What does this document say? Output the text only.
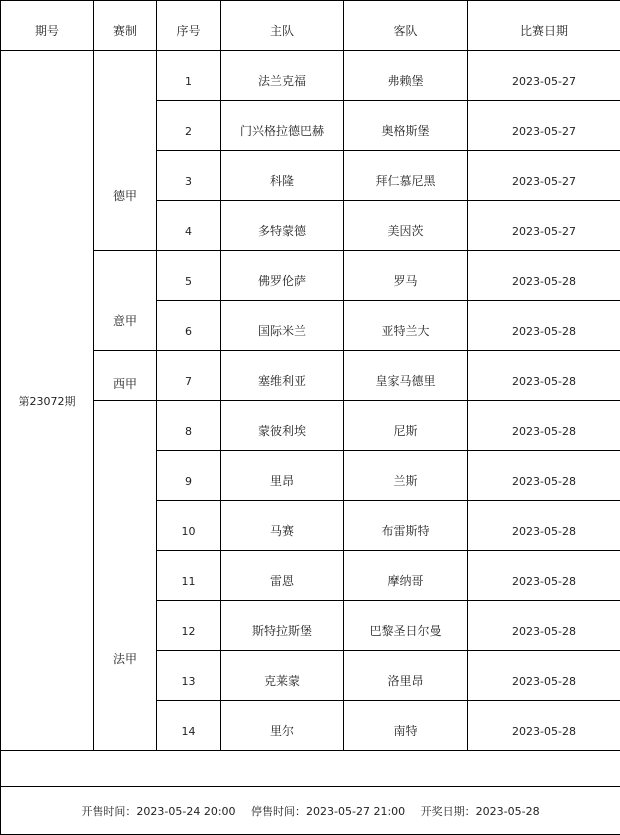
期号	赛制	序号	主队	客队	比赛日期
第23072期	德甲	1	法兰克福	弗赖堡	2023-05-27
		2	门兴格拉德巴赫	奥格斯堡	2023-05-27
		3	科隆	拜仁慕尼黑	2023-05-27
		4	多特蒙德	美因茨	2023-05-27
	意甲	5	佛罗伦萨	罗马	2023-05-28
		6	国际米兰	亚特兰大	2023-05-28
	西甲	7	塞维利亚	皇家马德里	2023-05-28
	法甲	8	蒙彼利埃	尼斯	2023-05-28
		9	里昂	兰斯	2023-05-28
		10	马赛	布雷斯特	2023-05-28
		11	雷恩	摩纳哥	2023-05-28
		12	斯特拉斯堡	巴黎圣日尔曼	2023-05-28
		13	克莱蒙	洛里昂	2023-05-28
		14	里尔	南特	2023-05-28

开售时间：2023-05-24 20:00 停售时间：2023-05-27 21:00 开奖日期：2023-05-28					
